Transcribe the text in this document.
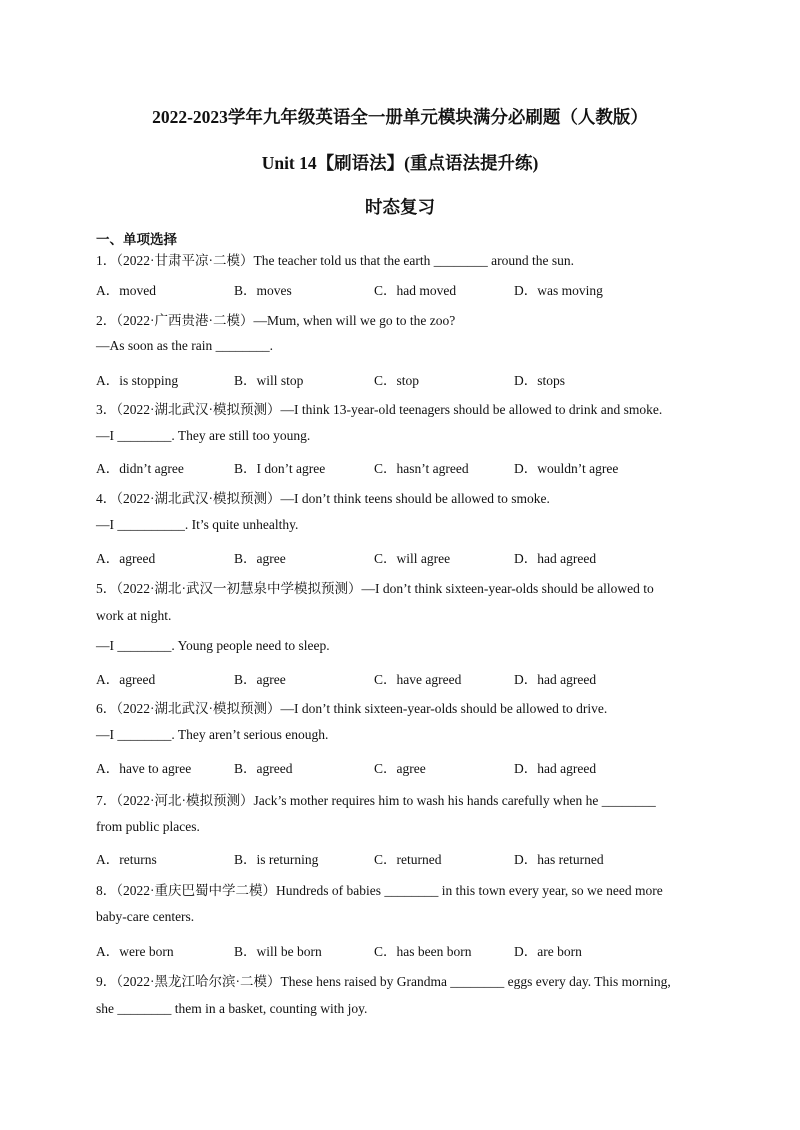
2022-2023学年九年级英语全一册单元模块满分必刷题（人教版）
Unit 14【刷语法】(重点语法提升练)
时态复习
一、单项选择
1．（2022·甘肃平凉·二模）The teacher told us that the earth ________ around the sun.
A．moved	B．moves	C．had moved	D．was moving
2．（2022·广西贵港·二模）—Mum, when will we go to the zoo?
—As soon as the rain ________.
A．is stopping	B．will stop	C．stop	D．stops
3．（2022·湖北武汉·模拟预测）—I think 13-year-old teenagers should be allowed to drink and smoke.
—I ________. They are still too young.
A．didn’t agree	B．I don’t agree	C．hasn’t agreed	D．wouldn’t agree
4．（2022·湖北武汉·模拟预测）—I don’t think teens should be allowed to smoke.
—I __________. It’s quite unhealthy.
A．agreed	B．agree	C．will agree	D．had agreed
5．（2022·湖北·武汉一初慧泉中学模拟预测）—I don’t think sixteen-year-olds should be allowed to
work at night.
—I ________. Young people need to sleep.
A．agreed	B．agree	C．have agreed	D．had agreed
6．（2022·湖北武汉·模拟预测）—I don’t think sixteen-year-olds should be allowed to drive.
—I ________. They aren’t serious enough.
A．have to agree	B．agreed	C．agree	D．had agreed
7．（2022·河北·模拟预测）Jack’s mother requires him to wash his hands carefully when he ________
from public places.
A．returns	B．is returning	C．returned	D．has returned
8．（2022·重庆巴蜀中学二模）Hundreds of babies ________ in this town every year, so we need more
baby-care centers.
A．were born	B．will be born	C．has been born	D．are born
9．（2022·黑龙江哈尔滨·二模）These hens raised by Grandma ________ eggs every day. This morning,
she ________ them in a basket, counting with joy.
